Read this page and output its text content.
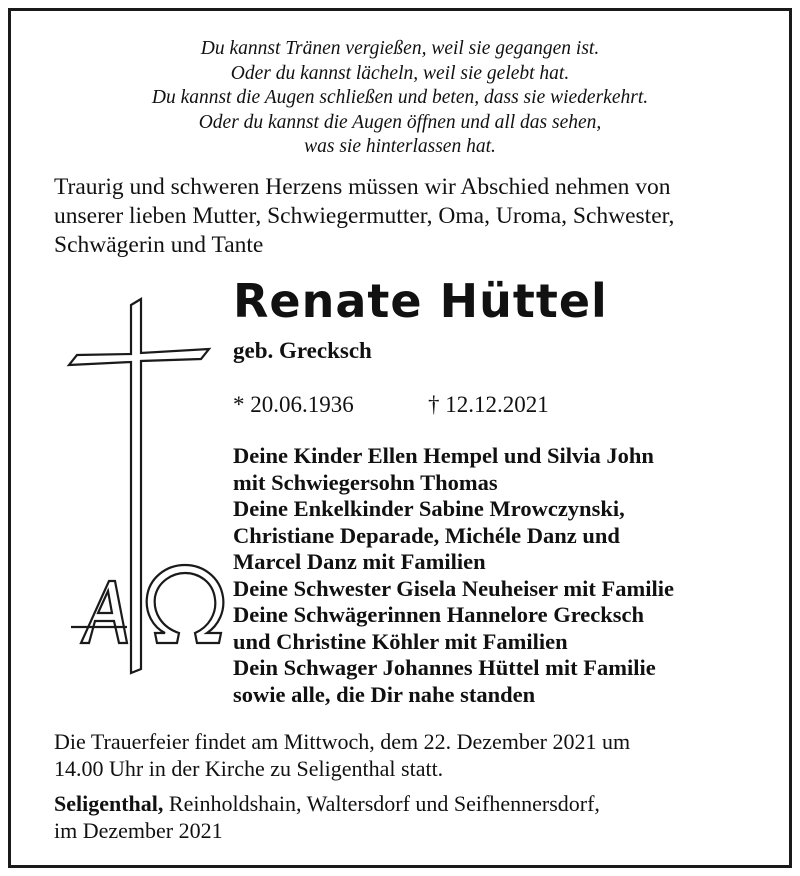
Du kannst Tränen vergießen, weil sie gegangen ist.
Oder du kannst lächeln, weil sie gelebt hat.
Du kannst die Augen schließen und beten, dass sie wiederkehrt.
Oder du kannst die Augen öffnen und all das sehen,
was sie hinterlassen hat.
Traurig und schweren Herzens müssen wir Abschied nehmen von
unserer lieben Mutter, Schwiegermutter, Oma, Uroma, Schwester,
Schwägerin und Tante
Renate Hüttel
geb. Grecksch
* 20.06.1936	† 12.12.2021
Deine Kinder Ellen Hempel und Silvia John
mit Schwiegersohn Thomas
Deine Enkelkinder Sabine Mrowczynski,
Christiane Deparade, Michéle Danz und
Marcel Danz mit Familien
Deine Schwester Gisela Neuheiser mit Familie
Deine Schwägerinnen Hannelore Grecksch
und Christine Köhler mit Familien
Dein Schwager Johannes Hüttel mit Familie
sowie alle, die Dir nahe standen
Die Trauerfeier findet am Mittwoch, dem 22. Dezember 2021 um
14.00 Uhr in der Kirche zu Seligenthal statt.
Seligenthal, Reinholdshain, Waltersdorf und Seifhennersdorf,
im Dezember 2021
